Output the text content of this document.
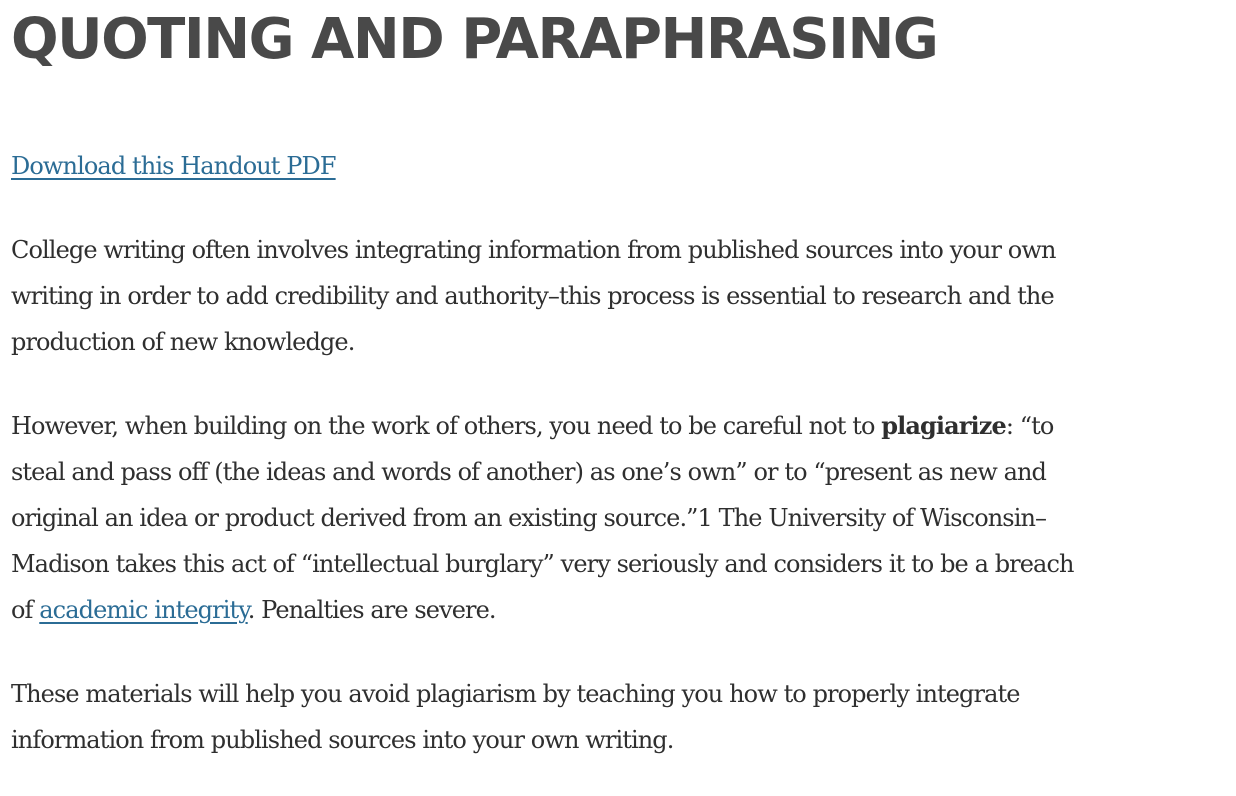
QUOTING AND PARAPHRASING

Download this Handout PDF

College writing often involves integrating information from published sources into your own
writing in order to add credibility and authority–this process is essential to research and the
production of new knowledge.

However, when building on the work of others, you need to be careful not to plagiarize: “to
steal and pass off (the ideas and words of another) as one’s own” or to “present as new and
original an idea or product derived from an existing source.”1 The University of Wisconsin–
Madison takes this act of “intellectual burglary” very seriously and considers it to be a breach
of academic integrity. Penalties are severe.

These materials will help you avoid plagiarism by teaching you how to properly integrate
information from published sources into your own writing.
